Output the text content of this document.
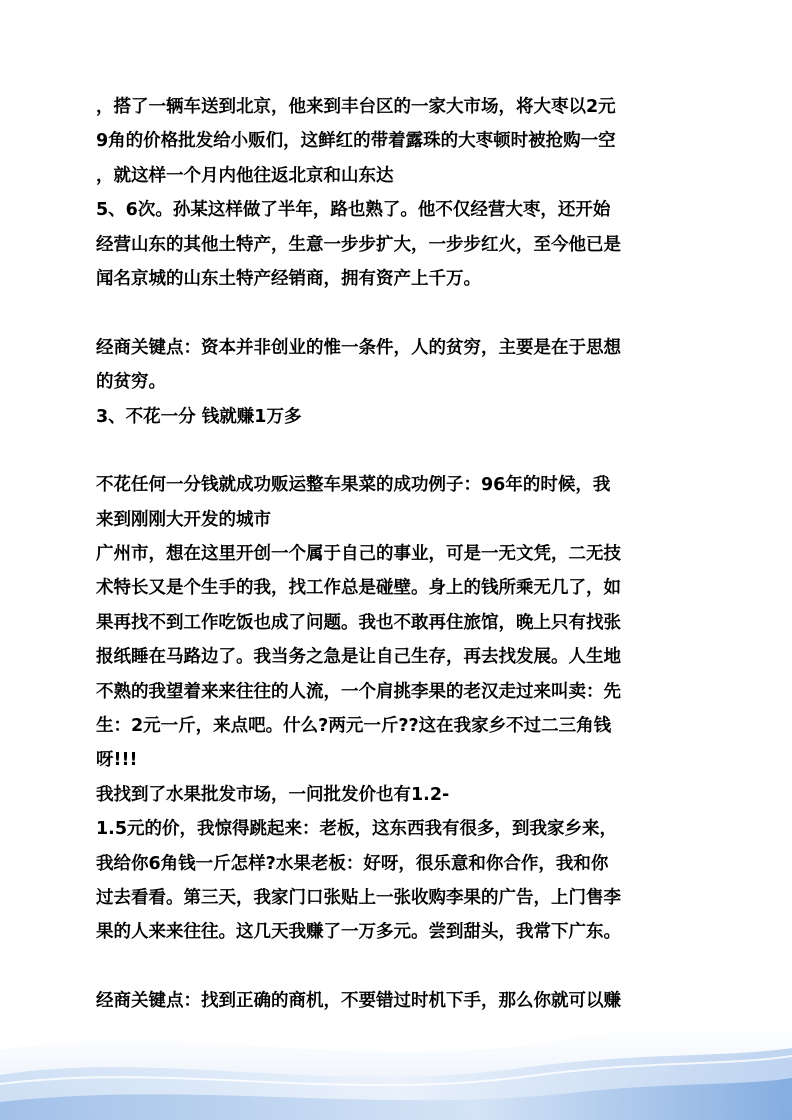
，搭了一辆车送到北京，他来到丰台区的一家大市场，将大枣以2元
9角的价格批发给小贩们，这鲜红的带着露珠的大枣顿时被抢购一空
，就这样一个月内他往返北京和山东达
5、6次。孙某这样做了半年，路也熟了。他不仅经营大枣，还开始
经营山东的其他土特产，生意一步步扩大，一步步红火，至今他已是
闻名京城的山东土特产经销商，拥有资产上千万。
经商关键点：资本并非创业的惟一条件，人的贫穷，主要是在于思想
的贫穷。
3、不花一分 钱就赚1万多
不花任何一分钱就成功贩运整车果菜的成功例子：96年的时候，我
来到刚刚大开发的城市
广州市，想在这里开创一个属于自己的事业，可是一无文凭，二无技
术特长又是个生手的我，找工作总是碰壁。身上的钱所乘无几了，如
果再找不到工作吃饭也成了问题。我也不敢再住旅馆，晚上只有找张
报纸睡在马路边了。我当务之急是让自己生存，再去找发展。人生地
不熟的我望着来来往往的人流，一个肩挑李果的老汉走过来叫卖：先
生：2元一斤，来点吧。什么?两元一斤??这在我家乡不过二三角钱
呀!!!
我找到了水果批发市场，一问批发价也有1.2-
1.5元的价，我惊得跳起来：老板，这东西我有很多，到我家乡来，
我给你6角钱一斤怎样?水果老板：好呀，很乐意和你合作，我和你
过去看看。第三天，我家门口张贴上一张收购李果的广告，上门售李
果的人来来往往。这几天我赚了一万多元。尝到甜头，我常下广东。
经商关键点：找到正确的商机，不要错过时机下手，那么你就可以赚
